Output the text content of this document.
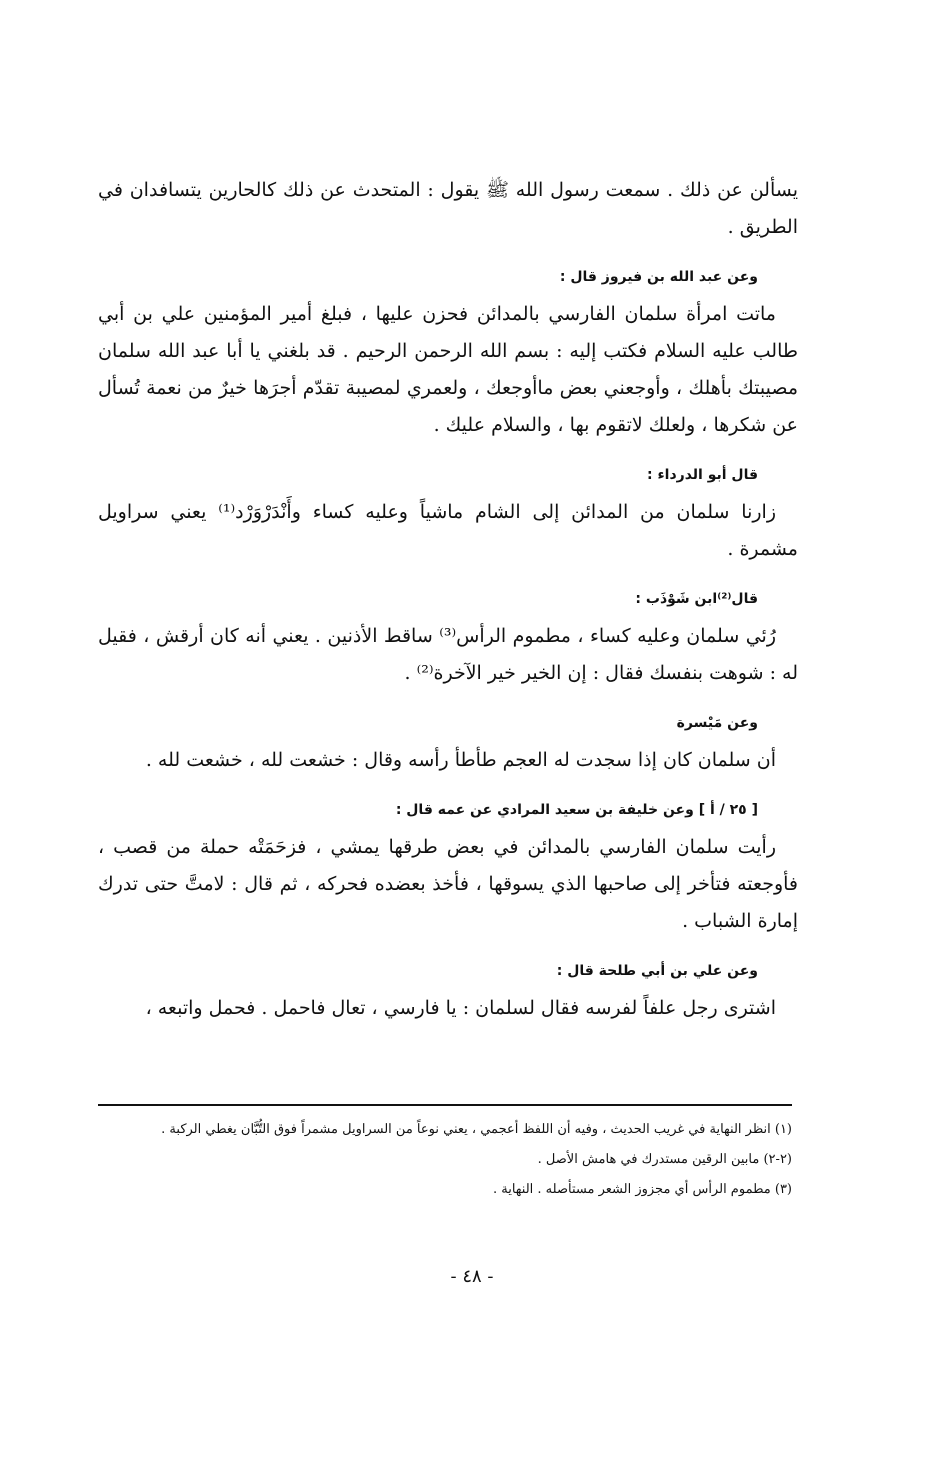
يسألن عن ذلك . سمعت رسول الله ﷺ يقول : المتحدث عن ذلك كالحارين يتسافدان في الطريق .

وعن عبد الله بن فيروز قال :

ماتت امرأة سلمان الفارسي بالمدائن فحزن عليها ، فبلغ أمير المؤمنين علي بن أبي طالب عليه السلام فكتب إليه : بسم الله الرحمن الرحيم . قد بلغني يا أبا عبد الله سلمان مصيبتك بأهلك ، وأوجعني بعض ماأوجعك ، ولعمري لمصيبة تقدّم أجرَها خيرٌ من نعمة تُسأل عن شكرها ، ولعلك لاتقوم بها ، والسلام عليك .

قال أبو الدرداء :

زارنا سلمان من المدائن إلى الشام ماشياً وعليه كساء وأَنْدَرْوَرْد⁽¹⁾ يعني سراويل مشمرة .

قال⁽²⁾ابن شَوْذَب :

رُئي سلمان وعليه كساء ، مطموم الرأس⁽³⁾ ساقط الأذنين . يعني أنه كان أرقش ، فقيل له : شوهت بنفسك فقال : إن الخير خير الآخرة⁽²⁾ .

وعن مَيْسرة

أن سلمان كان إذا سجدت له العجم طأطأ رأسه وقال : خشعت لله ، خشعت لله .

[ ٢٥ / أ ] وعن خليفة بن سعيد المرادي عن عمه قال :

رأيت سلمان الفارسي بالمدائن في بعض طرقها يمشي ، فزحَمَتْه حملة من قصب ، فأوجعته فتأخر إلى صاحبها الذي يسوقها ، فأخذ بعضده فحركه ، ثم قال : لامتَّ حتى تدرك إمارة الشباب .

وعن علي بن أبي طلحة قال :

اشترى رجل علفاً لفرسه فقال لسلمان : يا فارسي ، تعال فاحمل . فحمل واتبعه ،

(١) انظر النهاية في غريب الحديث ، وفيه أن اللفظ أعجمي ، يعني نوعاً من السراويل مشمراً فوق التُّبَّان يغطي الركبة .

(٢-٢) مابين الرقين مستدرك في هامش الأصل .

(٣) مطموم الرأس أي مجزوز الشعر مستأصله . النهاية .

- ٤٨ -
